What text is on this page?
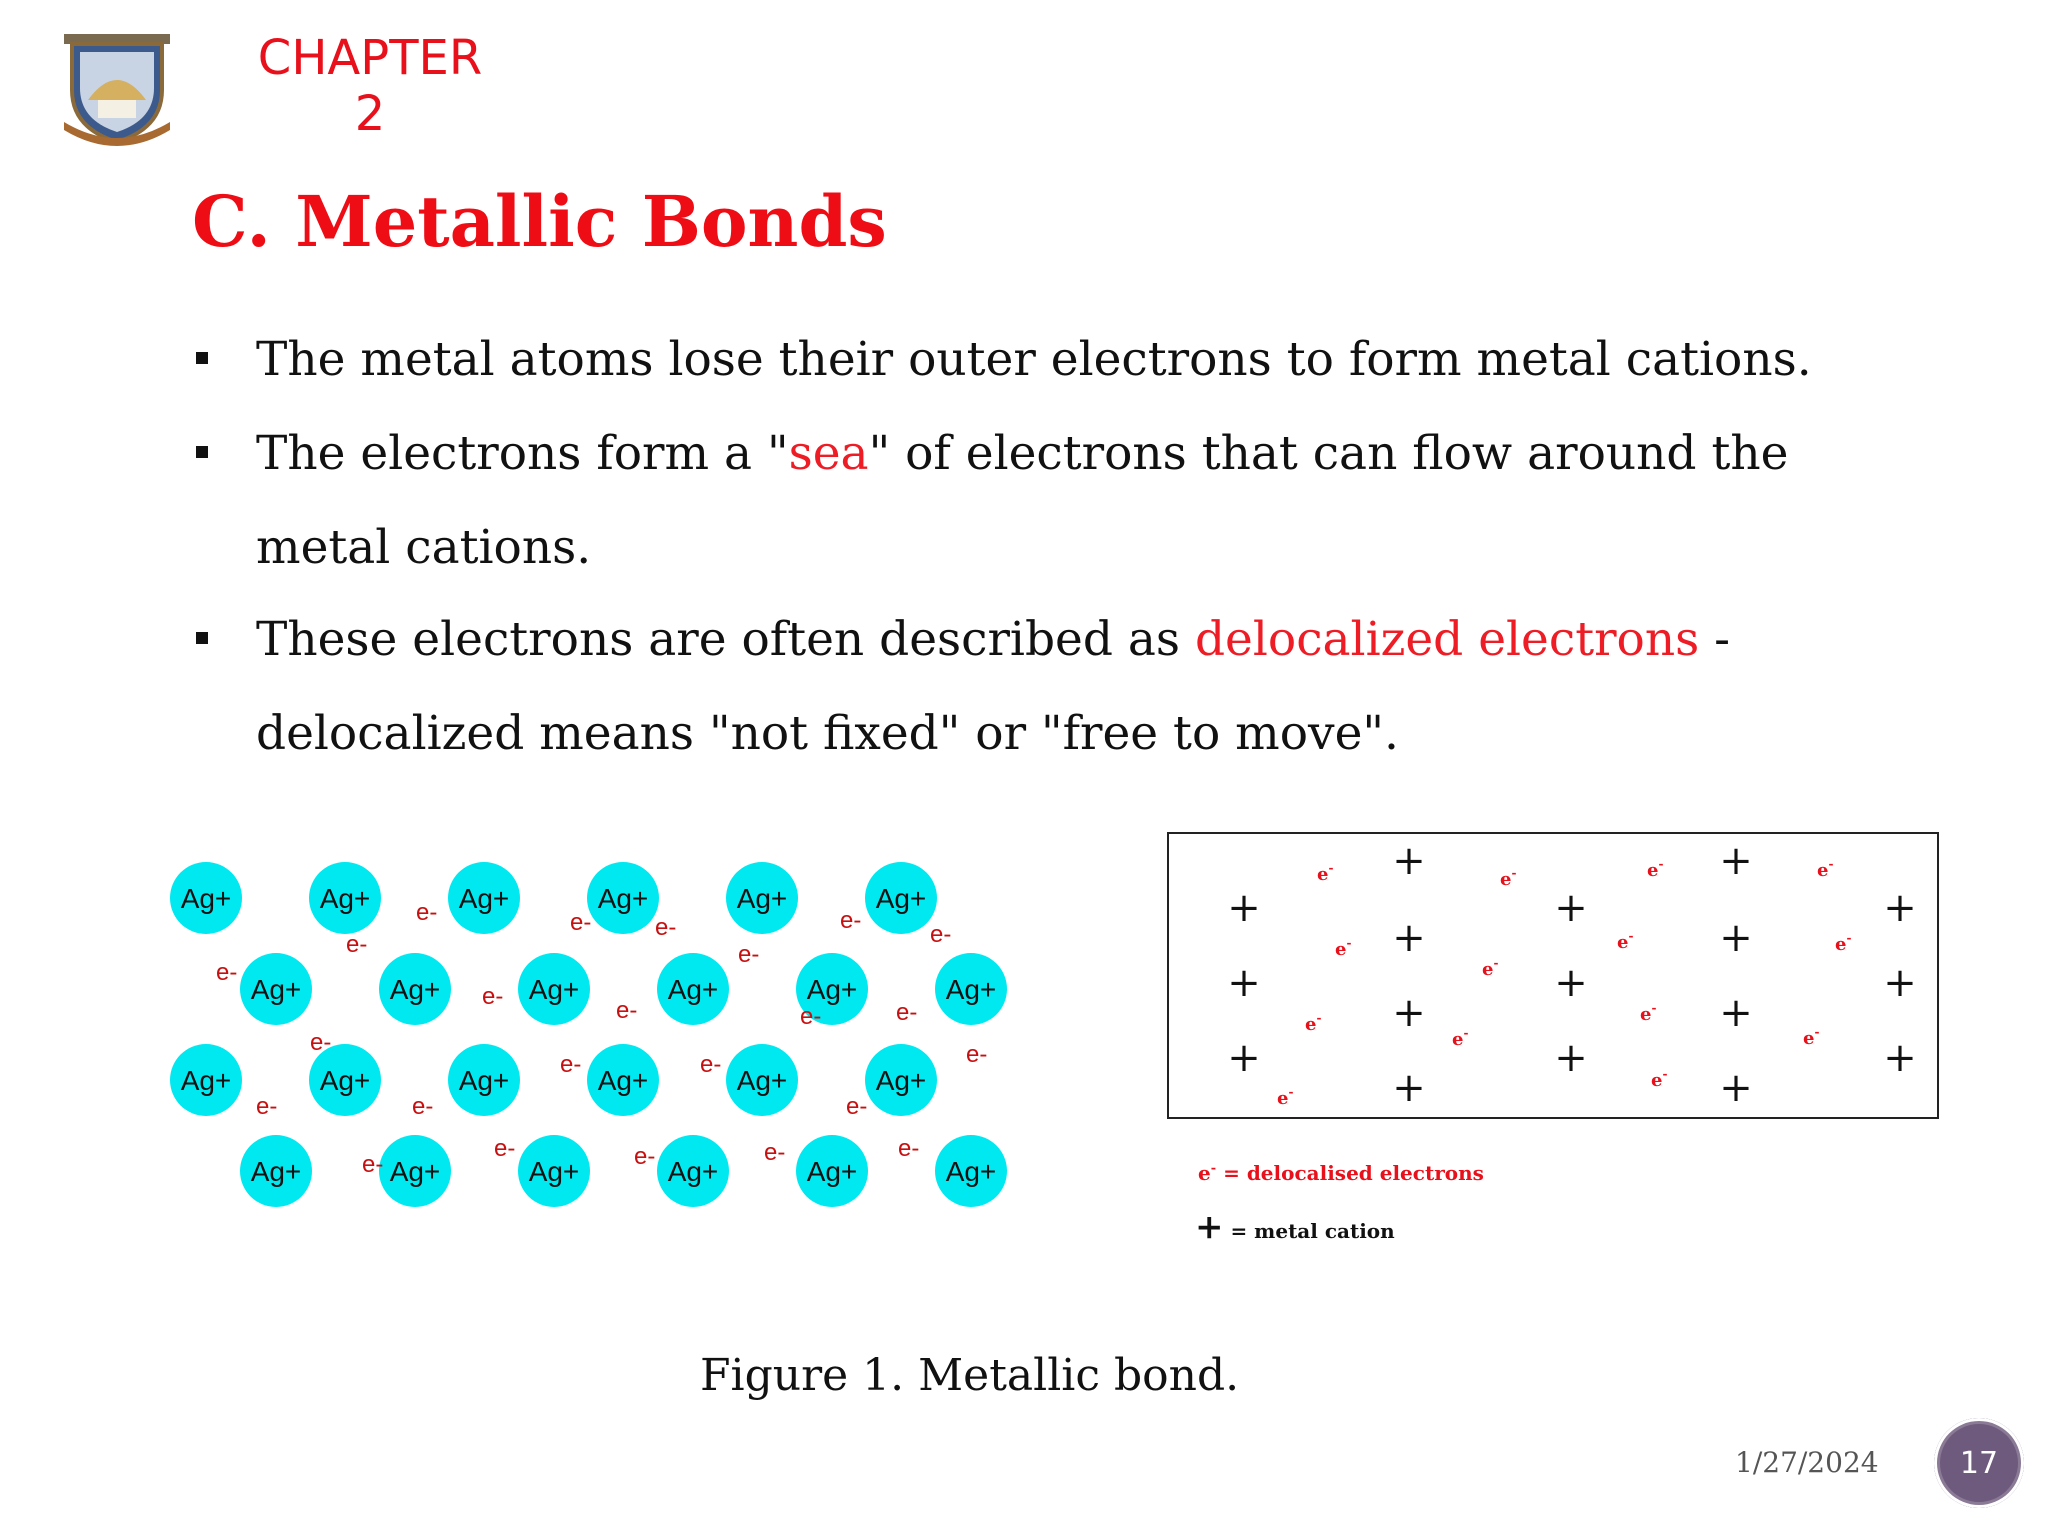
CHAPTER
2
C. Metallic Bonds
The metal atoms lose their outer electrons to form metal cations.
The electrons form a "sea" of electrons that can flow around the
metal cations.
These electrons are often described as delocalized electrons -
delocalized means "not fixed" or "free to move".
Ag+	Ag+	Ag+	Ag+	Ag+	Ag+
Ag+	Ag+	Ag+	Ag+	Ag+	Ag+
Ag+	Ag+	Ag+	Ag+	Ag+	Ag+
Ag+	Ag+	Ag+	Ag+	Ag+	Ag+
e-	e-	e-	e-
e-
e-	e-
e-
e-
e-	e-	e-
e-
e-	e-	e-
e-	e-	e-
e-
e-	e-	e-	e-
+	+
+	+	+
+	+
+	+	+
+	+
+	+	+
+	+
e-
e-	e-	e-
e-	e-	e-
e-
e-
e-
e-	e-
e-
e-
e- = delocalised electrons
+ = metal cation
Figure 1. Metallic bond.
1/27/2024	17
